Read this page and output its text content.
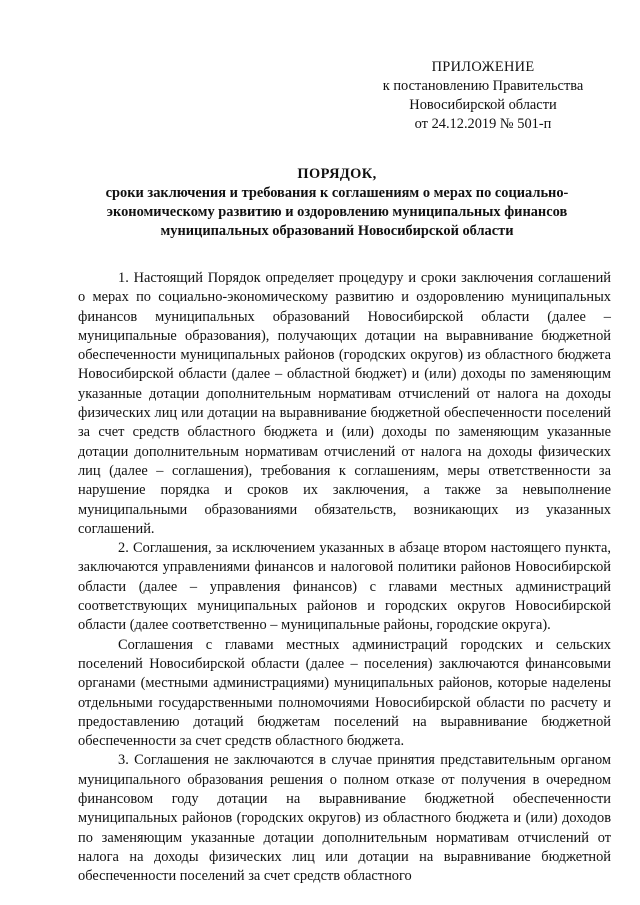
ПРИЛОЖЕНИЕ
к постановлению Правительства
Новосибирской области
от 24.12.2019 № 501-п
ПОРЯДОК,
сроки заключения и требования к соглашениям о мерах по социально-
экономическому развитию и оздоровлению муниципальных финансов
муниципальных образований Новосибирской области

1. Настоящий Порядок определяет процедуру и сроки заключения соглашений о мерах по социально-экономическому развитию и оздоровлению муниципальных финансов муниципальных образований Новосибирской области (далее – муниципальные образования), получающих дотации на выравнивание бюджетной обеспеченности муниципальных районов (городских округов) из областного бюджета Новосибирской области (далее – областной бюджет) и (или) доходы по заменяющим указанные дотации дополнительным нормативам отчислений от налога на доходы физических лиц или дотации на выравнивание бюджетной обеспеченности поселений за счет средств областного бюджета и (или) доходы по заменяющим указанные дотации дополнительным нормативам отчислений от налога на доходы физических лиц (далее – соглашения), требования к соглашениям, меры ответственности за нарушение порядка и сроков их заключения, а также за невыполнение муниципальными образованиями обязательств, возникающих из указанных соглашений.

2. Соглашения, за исключением указанных в абзаце втором настоящего пункта, заключаются управлениями финансов и налоговой политики районов Новосибирской области (далее – управления финансов) с главами местных администраций соответствующих муниципальных районов и городских округов Новосибирской области (далее соответственно – муниципальные районы, городские округа).

Соглашения с главами местных администраций городских и сельских поселений Новосибирской области (далее – поселения) заключаются финансовыми органами (местными администрациями) муниципальных районов, которые наделены отдельными государственными полномочиями Новосибирской области по расчету и предоставлению дотаций бюджетам поселений на выравнивание бюджетной обеспеченности за счет средств областного бюджета.

3. Соглашения не заключаются в случае принятия представительным органом муниципального образования решения о полном отказе от получения в очередном финансовом году дотации на выравнивание бюджетной обеспеченности муниципальных районов (городских округов) из областного бюджета и (или) доходов по заменяющим указанные дотации дополнительным нормативам отчислений от налога на доходы физических лиц или дотации на выравнивание бюджетной обеспеченности поселений за счет средств областного
